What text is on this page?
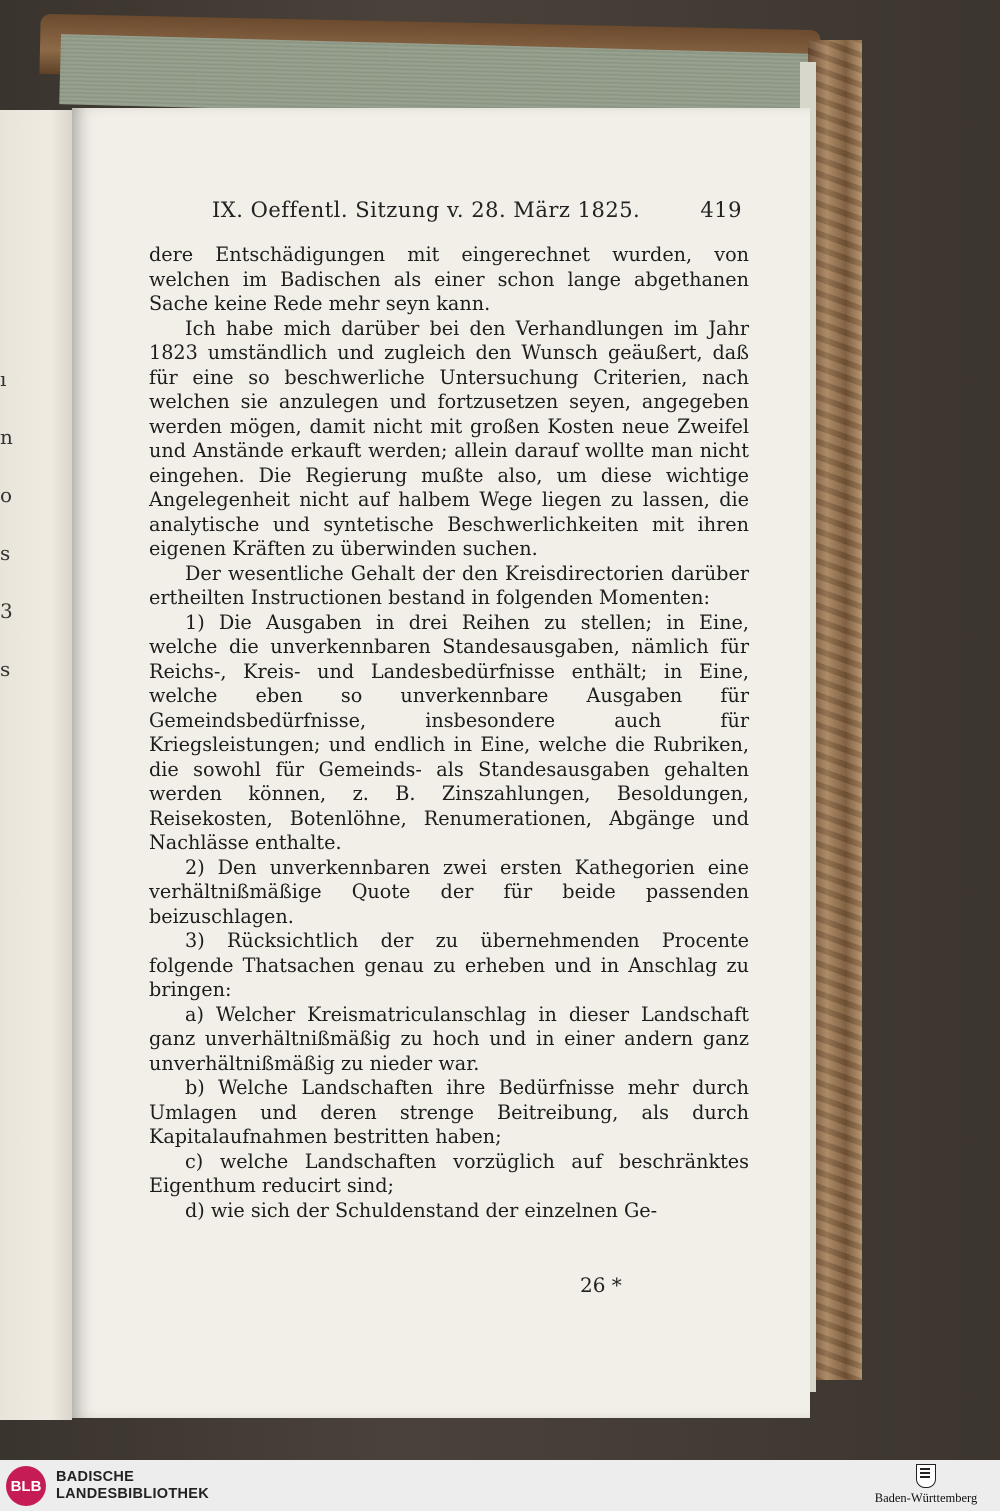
ı
n
o
s
3
s
IX. Oeffentl. Sitzung v. 28. März 1825.	419

dere Entschädigungen mit eingerechnet wurden, von welchen im Badischen als einer schon lange abgethanen Sache keine Rede mehr seyn kann.

Ich habe mich darüber bei den Verhandlungen im Jahr 1823 umständlich und zugleich den Wunsch geäußert, daß für eine so beschwerliche Untersuchung Criterien, nach welchen sie anzulegen und fortzusetzen seyen, angegeben werden mögen, damit nicht mit großen Kosten neue Zweifel und Anstände erkauft werden; allein darauf wollte man nicht eingehen. Die Regierung mußte also, um diese wichtige Angelegenheit nicht auf halbem Wege liegen zu lassen, die analytische und syntetische Beschwerlichkeiten mit ihren eigenen Kräften zu überwinden suchen.

Der wesentliche Gehalt der den Kreisdirectorien darüber ertheilten Instructionen bestand in folgenden Momenten:

1) Die Ausgaben in drei Reihen zu stellen; in Eine, welche die unverkennbaren Standesausgaben, nämlich für Reichs-, Kreis- und Landesbedürfnisse enthält; in Eine, welche eben so unverkennbare Ausgaben für Gemeindsbedürfnisse, insbesondere auch für Kriegsleistungen; und endlich in Eine, welche die Rubriken, die sowohl für Gemeinds- als Standesausgaben gehalten werden können, z. B. Zinszahlungen, Besoldungen, Reisekosten, Botenlöhne, Renumerationen, Abgänge und Nachlässe enthalte.

2) Den unverkennbaren zwei ersten Kathegorien eine verhältnißmäßige Quote der für beide passenden beizuschlagen.

3) Rücksichtlich der zu übernehmenden Procente folgende Thatsachen genau zu erheben und in Anschlag zu bringen:

a) Welcher Kreismatriculanschlag in dieser Landschaft ganz unverhältnißmäßig zu hoch und in einer andern ganz unverhältnißmäßig zu nieder war.

b) Welche Landschaften ihre Bedürfnisse mehr durch Umlagen und deren strenge Beitreibung, als durch Kapitalaufnahmen bestritten haben;

c) welche Landschaften vorzüglich auf beschränktes Eigenthum reducirt sind;

d) wie sich der Schuldenstand der einzelnen Ge-

26 *
BLB
BADISCHE
LANDESBIBLIOTHEK	Baden-Württemberg
